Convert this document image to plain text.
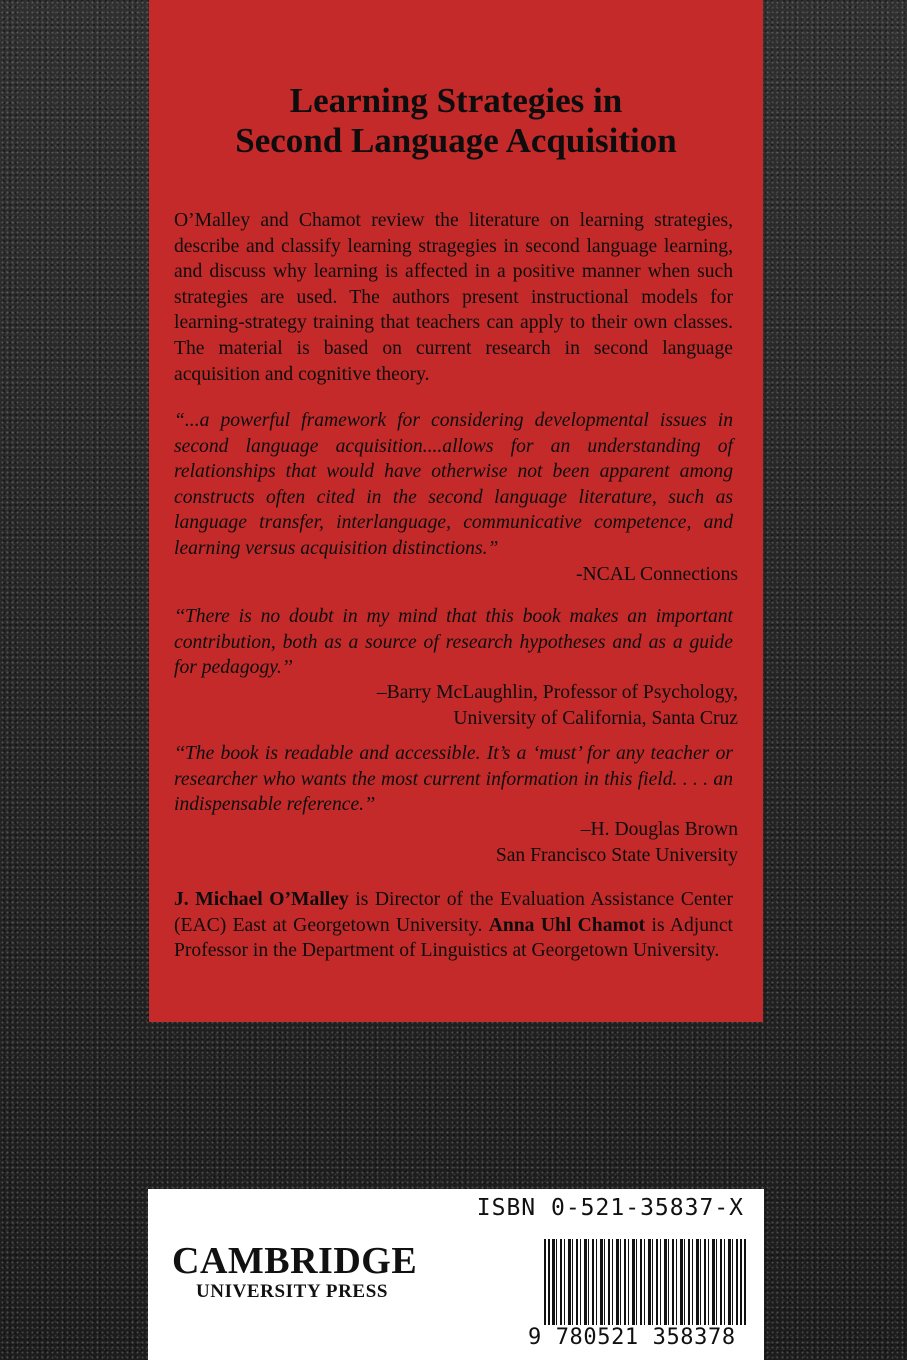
Learning Strategies in
Second Language Acquisition
O’Malley and Chamot review the literature on learning strategies, describe and classify learning stragegies in second language learning, and discuss why learning is affected in a positive manner when such strategies are used. The authors present instructional models for learning-strategy training that teachers can apply to their own classes. The material is based on current research in second language acquisition and cognitive theory.
“...a powerful framework for considering developmental issues in second language acquisition....allows for an understanding of relationships that would have otherwise not been apparent among constructs often cited in the second language literature, such as language transfer, interlanguage, communicative competence, and learning versus acquisition distinctions.”
-NCAL Connections
‘‘There is no doubt in my mind that this book makes an important contribution, both as a source of research hypotheses and as a guide for pedagogy.’’
–Barry McLaughlin, Professor of Psychology,
University of California, Santa Cruz
‘‘The book is readable and accessible. It’s a ‘must’ for any teacher or researcher who wants the most current information in this field. . . . an indispensable reference.’’
–H. Douglas Brown
San Francisco State University
J. Michael O’Malley is Director of the Evaluation Assistance Center (EAC) East at Georgetown University. Anna Uhl Chamot is Adjunct Professor in the Department of Linguistics at Georgetown University.
ISBN 0-521-35837-X
CAMBRIDGE
UNIVERSITY PRESS
9 780521 358378
